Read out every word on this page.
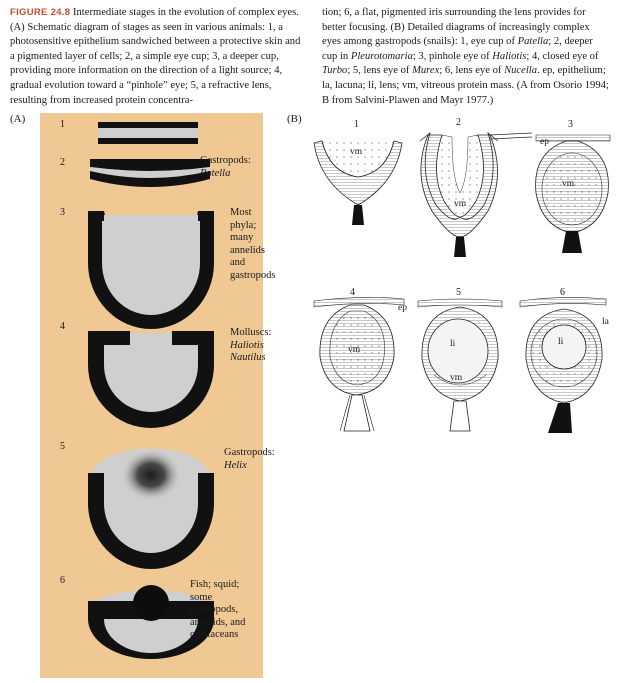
FIGURE 24.8 Intermediate stages in the evolution of complex eyes. (A) Schematic diagram of stages as seen in various animals: 1, a photosensitive epithelium sandwiched between a protective skin and a pigmented layer of cells; 2, a simple eye cup; 3, a deeper cup, providing more information on the direction of a light source; 4, gradual evolution toward a “pinhole” eye; 5, a refractive lens, resulting from increased protein concentra-

tion; 6, a flat, pigmented iris surrounding the lens provides for better focusing. (B) Detailed diagrams of increasingly complex eyes among gastropods (snails): 1, eye cup of Patella; 2, deeper cup in Pleurotomaria; 3, pinhole eye of Haliotis; 4, closed eye of Turbo; 5, lens eye of Murex; 6, lens eye of Nucella. ep, epithelium; la, lacuna; li, lens; vm, vitreous protein mass. (A from Osorio 1994; B from Salvini-Plawen and Mayr 1977.)

(A)	(B)
1
2
3
4
5
6
Gastropods:
Patella
Most phyla;
many
annelids
and
gastropods
Molluscs:
Haliotis
Nautilus
Gastropods:
Helix
Fish; squid;
some
gastropods,
annelids, and
crustaceans
1	2	3
4	5	6
vm
vm
ep
vm
ep
vm
li
vm
li
la
